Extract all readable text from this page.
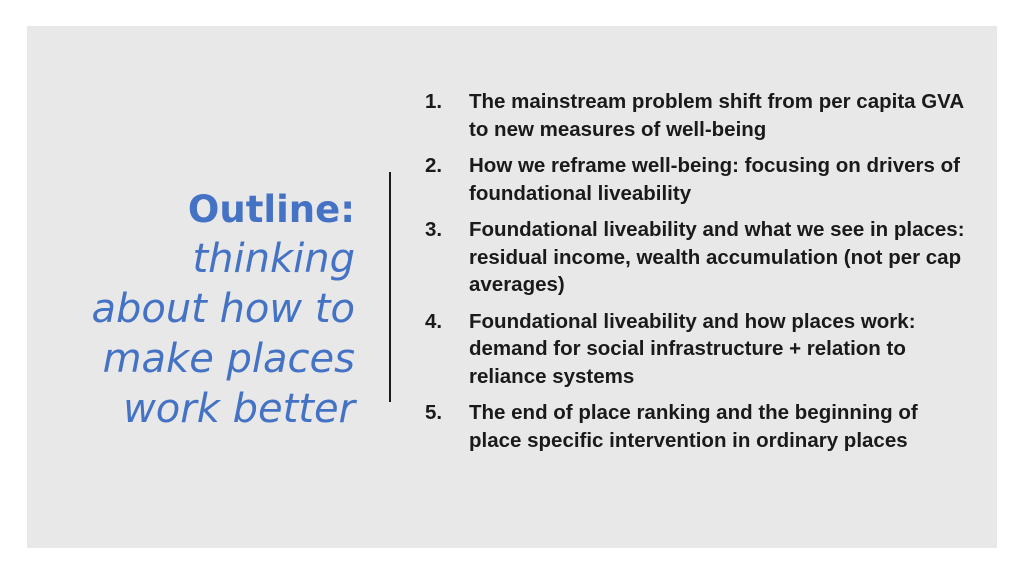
Outline:
thinking
about how to
make places
work better
1. The mainstream problem shift from per capita GVA to new measures of well-being
2. How we reframe well-being: focusing on drivers of foundational liveability
3. Foundational liveability and what we see in places: residual income, wealth accumulation (not per cap averages)
4. Foundational liveability and how places work: demand for social infrastructure + relation to reliance systems
5. The end of place ranking and the beginning of place specific intervention in ordinary places
